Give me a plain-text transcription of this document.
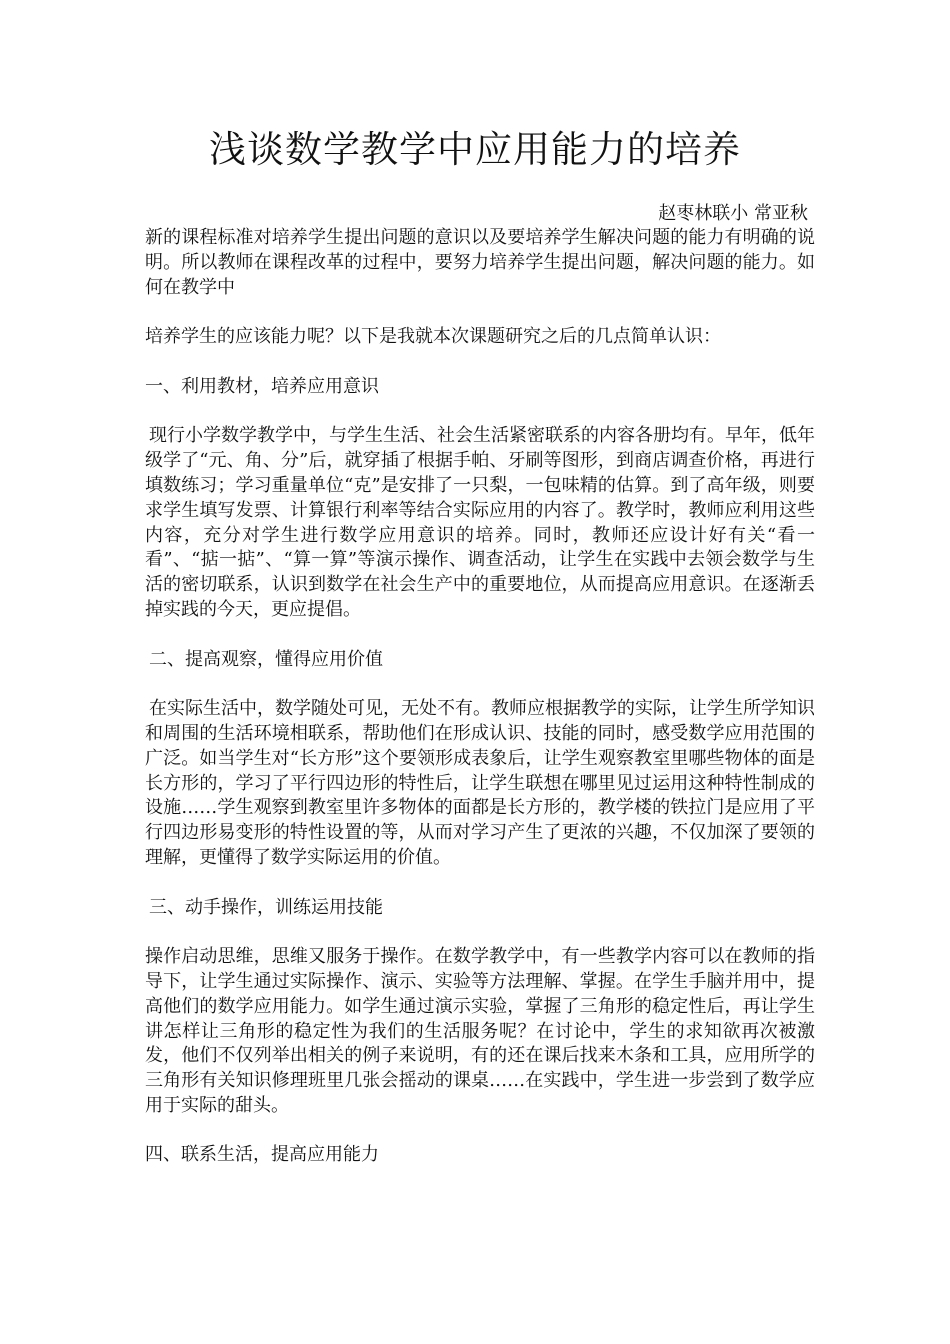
浅谈数学教学中应用能力的培养

赵枣林联小 常亚秋

新的课程标准对培养学生提出问题的意识以及要培养学生解决问题的能力有明确的说明。所以教师在课程改革的过程中，要努力培养学生提出问题，解决问题的能力。如何在教学中

培养学生的应该能力呢？以下是我就本次课题研究之后的几点简单认识：

一、利用教材，培养应用意识

现行小学数学教学中，与学生生活、社会生活紧密联系的内容各册均有。早年，低年级学了“元、角、分”后，就穿插了根据手帕、牙刷等图形，到商店调查价格，再进行填数练习；学习重量单位“克”是安排了一只梨，一包味精的估算。到了高年级，则要求学生填写发票、计算银行利率等结合实际应用的内容了。教学时，教师应利用这些内容，充分对学生进行数学应用意识的培养。同时，教师还应设计好有关“看一看”、“掂一掂”、“算一算”等演示操作、调查活动，让学生在实践中去领会数学与生活的密切联系，认识到数学在社会生产中的重要地位，从而提高应用意识。在逐渐丢掉实践的今天，更应提倡。

二、提高观察，懂得应用价值

在实际生活中，数学随处可见，无处不有。教师应根据教学的实际，让学生所学知识和周围的生活环境相联系，帮助他们在形成认识、技能的同时，感受数学应用范围的广泛。如当学生对“长方形”这个要领形成表象后，让学生观察教室里哪些物体的面是长方形的，学习了平行四边形的特性后，让学生联想在哪里见过运用这种特性制成的设施……学生观察到教室里许多物体的面都是长方形的，教学楼的铁拉门是应用了平行四边形易变形的特性设置的等，从而对学习产生了更浓的兴趣，不仅加深了要领的理解，更懂得了数学实际运用的价值。

三、动手操作，训练运用技能

操作启动思维，思维又服务于操作。在数学教学中，有一些教学内容可以在教师的指导下，让学生通过实际操作、演示、实验等方法理解、掌握。在学生手脑并用中，提高他们的数学应用能力。如学生通过演示实验，掌握了三角形的稳定性后，再让学生讲怎样让三角形的稳定性为我们的生活服务呢？在讨论中，学生的求知欲再次被激发，他们不仅列举出相关的例子来说明，有的还在课后找来木条和工具，应用所学的三角形有关知识修理班里几张会摇动的课桌……在实践中，学生进一步尝到了数学应用于实际的甜头。

四、联系生活，提高应用能力
